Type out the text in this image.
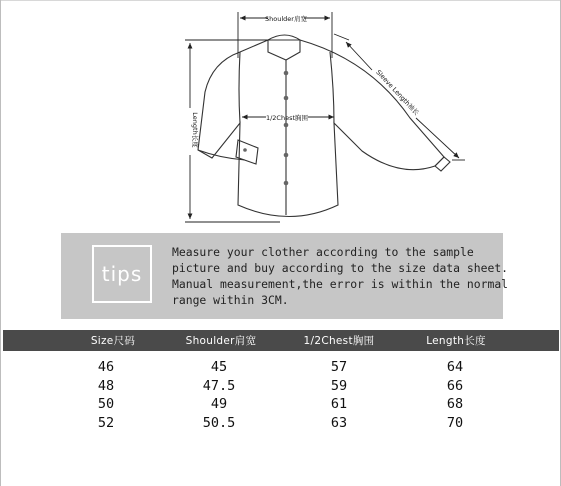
Shoulder肩宽
1/2Chest胸围
Length长度
Sleeve Length袖长
tips
Measure your clother according to the sample
picture and buy according to the size data sheet.
Manual measurement,the error is within the normal
range within 3CM.
Size尺码	Shoulder肩宽	1/2Chest胸围	Length长度
46	45	57	64
48	47.5	59	66
50	49	61	68
52	50.5	63	70
